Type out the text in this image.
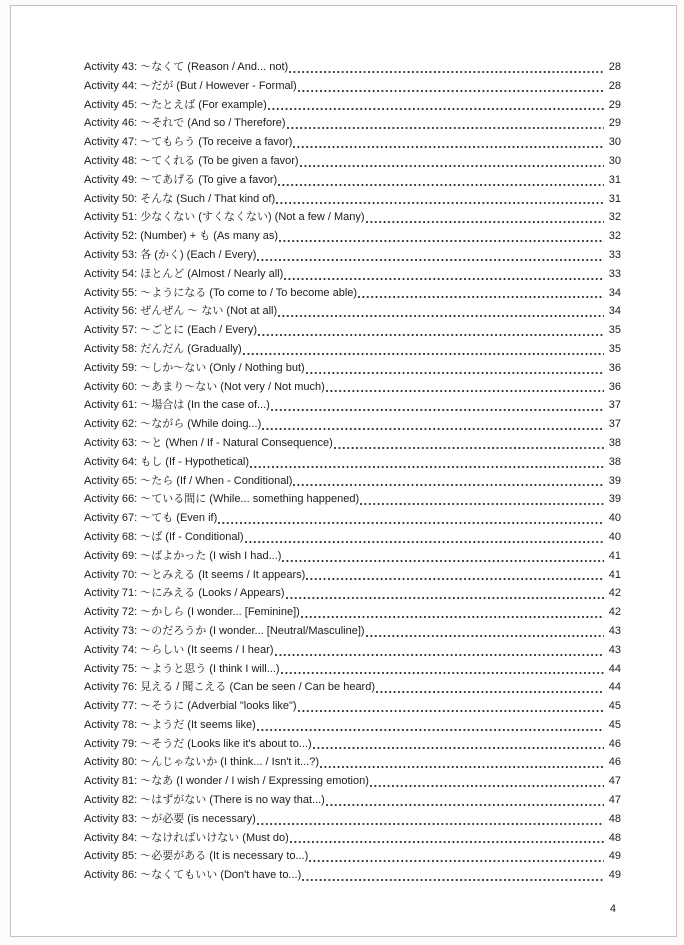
Activity 43: ～なくて (Reason / And... not)	28
Activity 44: ～だが (But / However - Formal)	28
Activity 45: ～たとえば (For example)	29
Activity 46: ～それで (And so / Therefore)	29
Activity 47: ～てもらう (To receive a favor)	30
Activity 48: ～てくれる (To be given a favor)	30
Activity 49: ～てあげる (To give a favor)	31
Activity 50: そんな (Such / That kind of)	31
Activity 51: 少なくない (すくなくない) (Not a few / Many)	32
Activity 52: (Number) + も (As many as)	32
Activity 53: 各 (かく) (Each / Every)	33
Activity 54: ほとんど (Almost / Nearly all)	33
Activity 55: ～ようになる (To come to / To become able)	34
Activity 56: ぜんぜん ～ ない (Not at all)	34
Activity 57: ～ごとに (Each / Every)	35
Activity 58: だんだん (Gradually)	35
Activity 59: ～しか～ない (Only / Nothing but)	36
Activity 60: ～あまり～ない (Not very / Not much)	36
Activity 61: ～場合は (In the case of...)	37
Activity 62: ～ながら (While doing...)	37
Activity 63: ～と (When / If - Natural Consequence)	38
Activity 64: もし (If - Hypothetical)	38
Activity 65: ～たら (If / When - Conditional)	39
Activity 66: ～ている間に (While... something happened)	39
Activity 67: ～ても (Even if)	40
Activity 68: ～ば (If - Conditional)	40
Activity 69: ～ばよかった (I wish I had...)	41
Activity 70: ～とみえる (It seems / It appears)	41
Activity 71: ～にみえる (Looks / Appears)	42
Activity 72: ～かしら (I wonder... [Feminine])	42
Activity 73: ～のだろうか (I wonder... [Neutral/Masculine])	43
Activity 74: ～らしい (It seems / I hear)	43
Activity 75: ～ようと思う (I think I will...)	44
Activity 76: 見える / 聞こえる (Can be seen / Can be heard)	44
Activity 77: ～そうに (Adverbial "looks like")	45
Activity 78: ～ようだ (It seems like)	45
Activity 79: ～そうだ (Looks like it's about to...)	46
Activity 80: ～んじゃないか (I think... / Isn't it...?)	46
Activity 81: ～なあ (I wonder / I wish / Expressing emotion)	47
Activity 82: ～はずがない (There is no way that...)	47
Activity 83: ～が必要 (is necessary)	48
Activity 84: ～なければいけない (Must do)	48
Activity 85: ～必要がある (It is necessary to...)	49
Activity 86: ～なくてもいい (Don't have to...)	49
4
